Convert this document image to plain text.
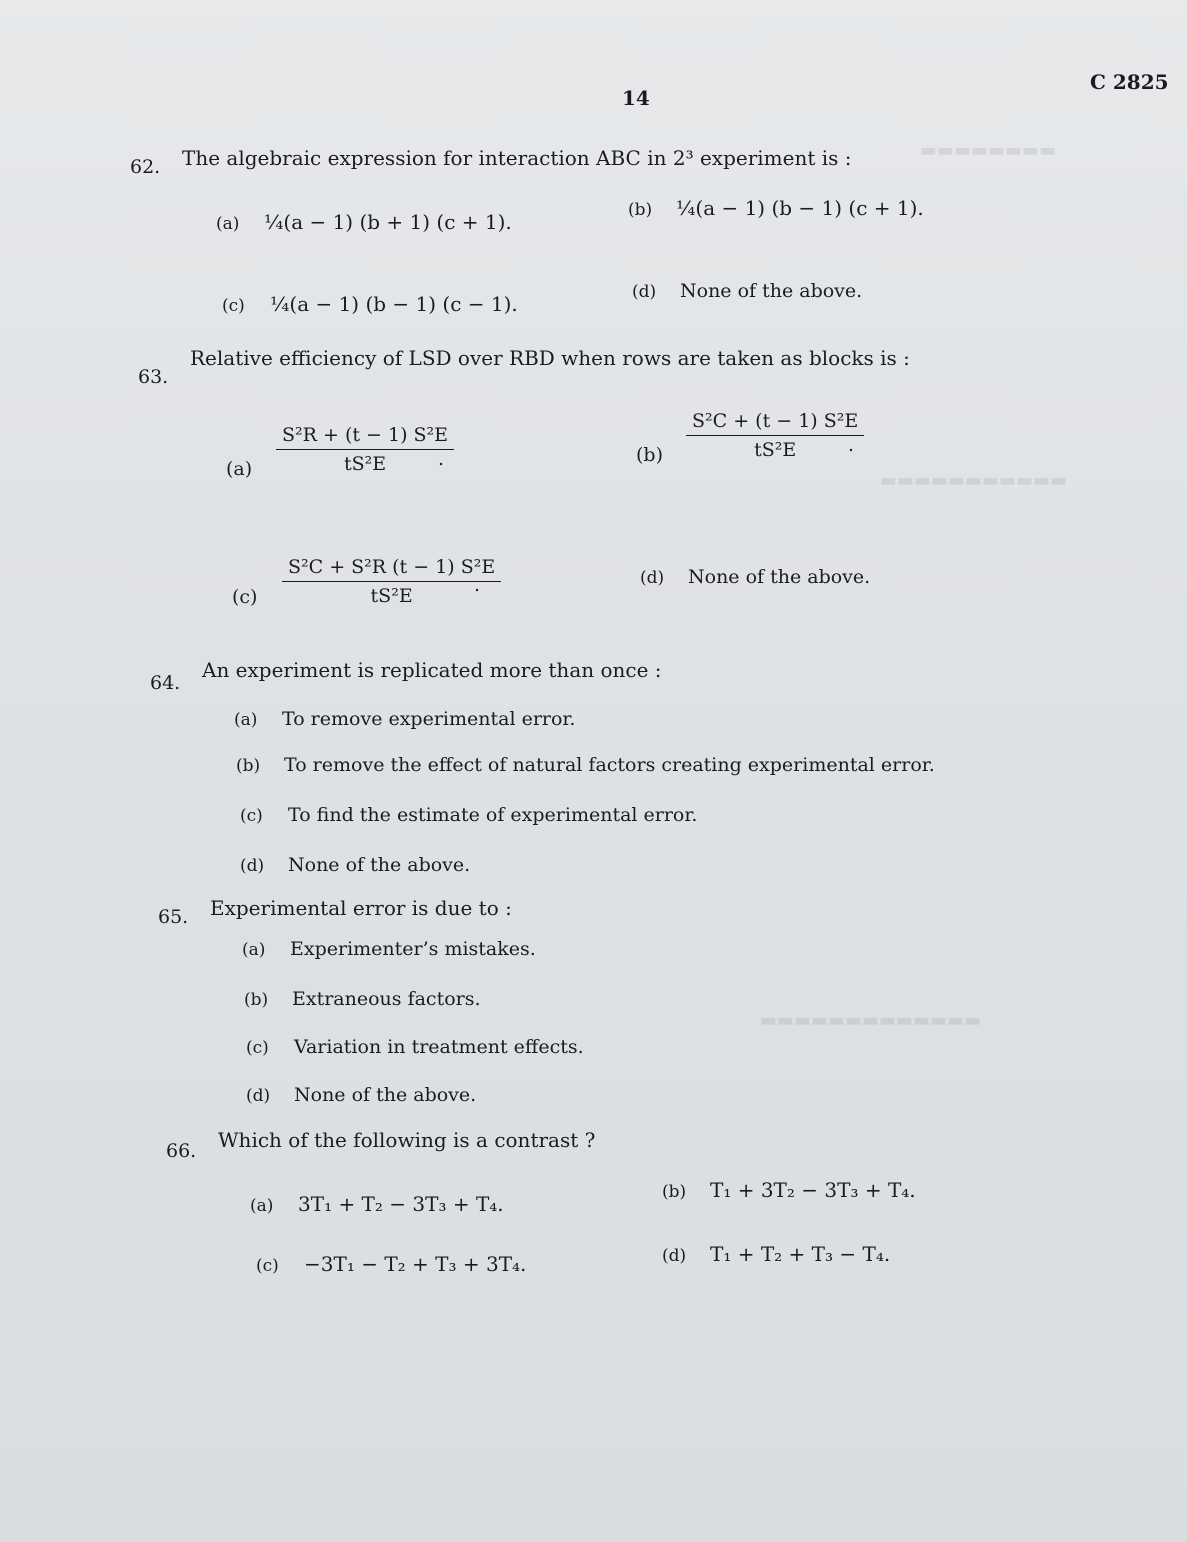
▬▬▬▬▬▬▬▬
▬▬▬▬▬▬▬▬▬▬▬
▬▬▬▬▬▬▬▬▬▬▬▬▬
14
C 2825
62. The algebraic expression for interaction ABC in 2³ experiment is :
(a) ¼(a − 1) (b + 1) (c + 1).	(b) ¼(a − 1) (b − 1) (c + 1).
(c) ¼(a − 1) (b − 1) (c − 1).	(d) None of the above.
63.
Relative efficiency of LSD over RBD when rows are taken as blocks is :
$(a) \frac{\text{S²R + (t − 1) S²E}}{\text{tS²E}}$
.	$(b) \frac{\text{S²C + (t − 1) S²E}}{\text{tS²E}}$
.
$(c) \frac{\text{S²C + S²R (t − 1) S²E}}{\text{tS²E}}$
.	(d) None of the above.
64.
An experiment is replicated more than once :
(a) To remove experimental error.
(b) To remove the effect of natural factors creating experimental error.
(c) To find the estimate of experimental error.
(d) None of the above.
65. Experimental error is due to :
(a) Experimenter’s mistakes.
(b) Extraneous factors.
(c) Variation in treatment effects.
(d) None of the above.
66. Which of the following is a contrast ?
(a) 3T₁ + T₂ − 3T₃ + T₄.	(b) T₁ + 3T₂ − 3T₃ + T₄.
(c) −3T₁ − T₂ + T₃ + 3T₄.	(d) T₁ + T₂ + T₃ − T₄.
